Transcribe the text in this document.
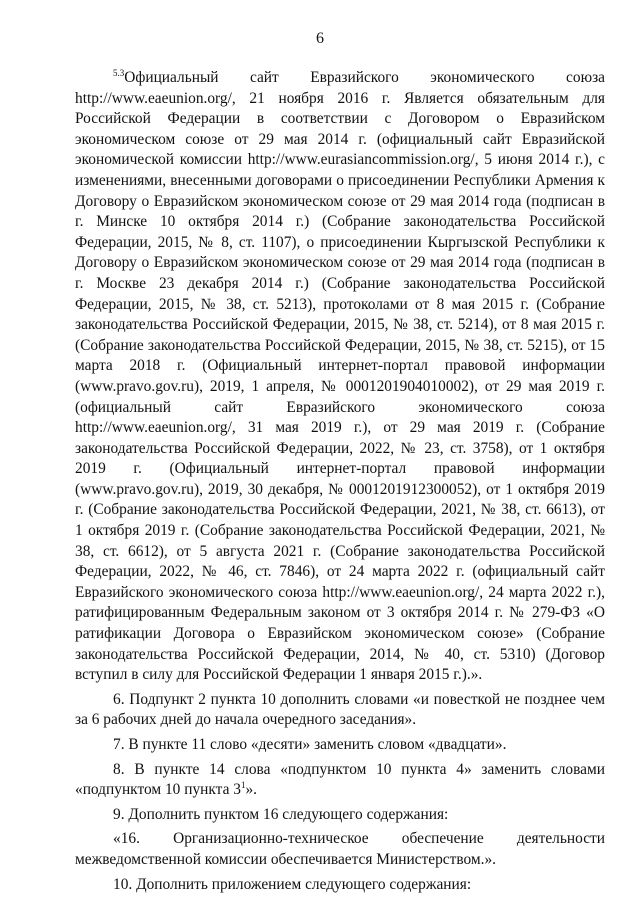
6

$^{5.3}$Официальный сайт Евразийского экономического союза http://www.eaeunion.org/, 21 ноября 2016 г. Является обязательным для Российской Федерации в соответствии с Договором о Евразийском экономическом союзе от 29 мая 2014 г. (официальный сайт Евразийской экономической комиссии http://www.eurasiancommission.org/, 5 июня 2014 г.), с изменениями, внесенными договорами о присоединении Республики Армения к Договору о Евразийском экономическом союзе от 29 мая 2014 года (подписан в г. Минске 10 октября 2014 г.) (Собрание законодательства Российской Федерации, 2015, № 8, ст. 1107), о присоединении Кыргызской Республики к Договору о Евразийском экономическом союзе от 29 мая 2014 года (подписан в г. Москве 23 декабря 2014 г.) (Собрание законодательства Российской Федерации, 2015, № 38, ст. 5213), протоколами от 8 мая 2015 г. (Собрание законодательства Российской Федерации, 2015, № 38, ст. 5214), от 8 мая 2015 г. (Собрание законодательства Российской Федерации, 2015, № 38, ст. 5215), от 15 марта 2018 г. (Официальный интернет-портал правовой информации (www.pravo.gov.ru), 2019, 1 апреля, № 0001201904010002), от 29 мая 2019 г. (официальный сайт Евразийского экономического союза http://www.eaeunion.org/, 31 мая 2019 г.), от 29 мая 2019 г. (Собрание законодательства Российской Федерации, 2022, № 23, ст. 3758), от 1 октября 2019 г. (Официальный интернет-портал правовой информации (www.pravo.gov.ru), 2019, 30 декабря, № 0001201912300052), от 1 октября 2019 г. (Собрание законодательства Российской Федерации, 2021, № 38, ст. 6613), от 1 октября 2019 г. (Собрание законодательства Российской Федерации, 2021, № 38, ст. 6612), от 5 августа 2021 г. (Собрание законодательства Российской Федерации, 2022, № 46, ст. 7846), от 24 марта 2022 г. (официальный сайт Евразийского экономического союза http://www.eaeunion.org/, 24 марта 2022 г.), ратифицированным Федеральным законом от 3 октября 2014 г. № 279-ФЗ «О ратификации Договора о Евразийском экономическом союзе» (Собрание законодательства Российской Федерации, 2014, № 40, ст. 5310) (Договор вступил в силу для Российской Федерации 1 января 2015 г.).».

6. Подпункт 2 пункта 10 дополнить словами «и повесткой не позднее чем за 6 рабочих дней до начала очередного заседания».

7. В пункте 11 слово «десяти» заменить словом «двадцати».

8. В пункте 14 слова «подпунктом 10 пункта 4» заменить словами «подпунктом 10 пункта $3^1$».

9. Дополнить пунктом 16 следующего содержания:

«16. Организационно-техническое обеспечение деятельности межведомственной комиссии обеспечивается Министерством.».

10. Дополнить приложением следующего содержания:
